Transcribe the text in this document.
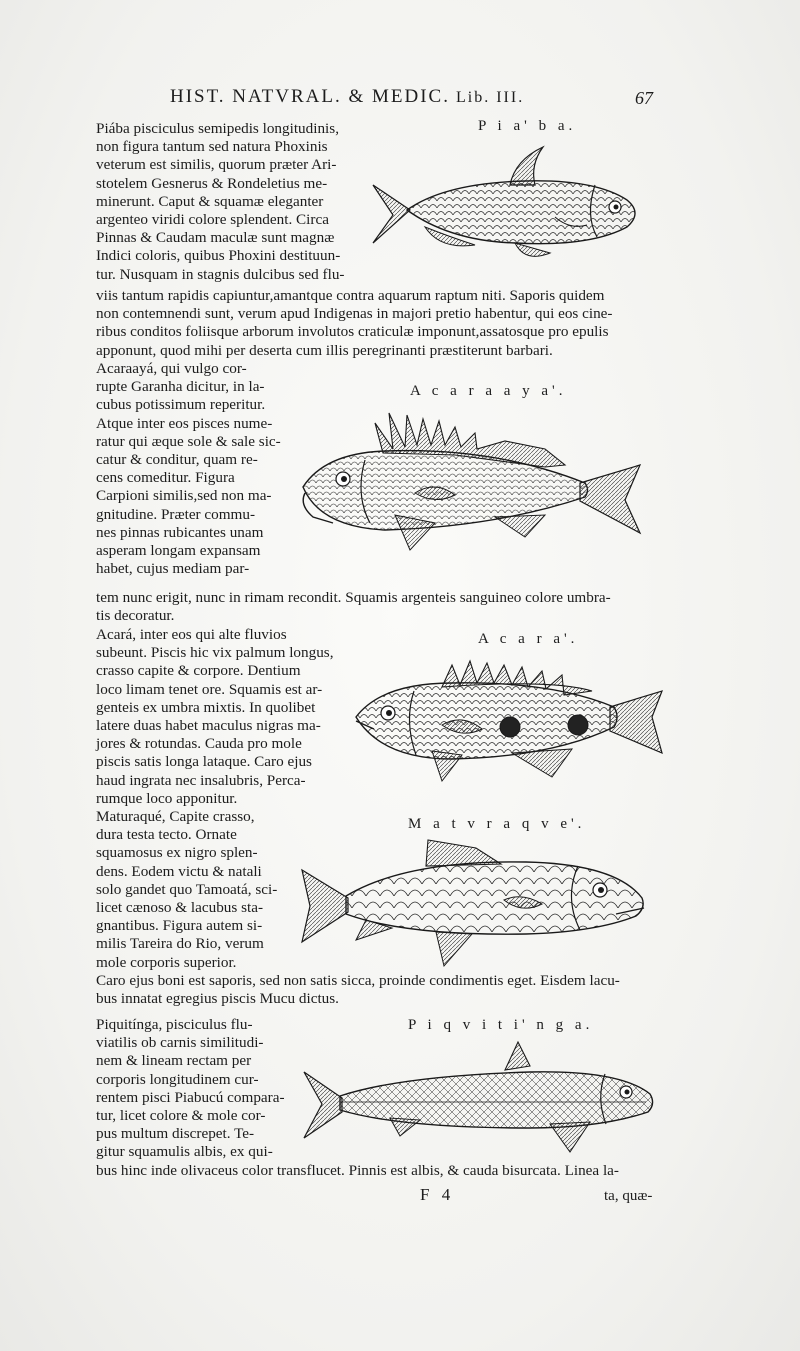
HIST. NATVRAL. & MEDIC. Lib. III.	67
P i a' b a.
Piába pisciculus semipedis longitudinis,
non figura tantum sed natura Phoxinis
veterum est similis, quorum præter Ari-
stotelem Gesnerus & Rondeletius me-
minerunt. Caput & squamæ eleganter
argenteo viridi colore splendent. Circa
Pinnas & Caudam maculæ sunt magnæ
Indici coloris, quibus Phoxini destituun-
tur. Nusquam in stagnis dulcibus sed flu-
viis tantum rapidis capiuntur,amantque contra aquarum raptum niti. Saporis quidem
non contemnendi sunt, verum apud Indigenas in majori pretio habentur, qui eos cine-
ribus conditos foliisque arborum involutos craticulæ imponunt,assatosque pro epulis
apponunt, quod mihi per deserta cum illis peregrinanti præstiterunt barbari.
A c a r a a y a'.
Acaraayá, qui vulgo cor-
rupte Garanha dicitur, in la-
cubus potissimum reperitur.
Atque inter eos pisces nume-
ratur qui æque sole & sale sic-
catur & conditur, quam re-
cens comeditur. Figura
Carpioni similis,sed non ma-
gnitudine. Præter commu-
nes pinnas rubicantes unam
asperam longam expansam
habet, cujus mediam par-
tem nunc erigit, nunc in rimam recondit. Squamis argenteis sanguineo colore umbra-
tis decoratur.
A c a r a'.
Acará, inter eos qui alte fluvios
subeunt. Piscis hic vix palmum longus,
crasso capite & corpore. Dentium
loco limam tenet ore. Squamis est ar-
genteis ex umbra mixtis. In quolibet
latere duas habet maculus nigras ma-
jores & rotundas. Cauda pro mole
piscis satis longa lataque. Caro ejus
haud ingrata nec insalubris, Perca-
rumque loco apponitur.
M a t v r a q v e'.
Maturaqué, Capite crasso,
dura testa tecto. Ornate
squamosus ex nigro splen-
dens. Eodem victu & natali
solo gandet quo Tamoatá, sci-
licet cænoso & lacubus sta-
gnantibus. Figura autem si-
milis Tareira do Rio, verum
mole corporis superior.
Caro ejus boni est saporis, sed non satis sicca, proinde condimentis eget. Eisdem lacu-
bus innatat egregius piscis Mucu dictus.
P i q v i t i' n g a.
Piquitínga, pisciculus flu-
viatilis ob carnis similitudi-
nem & lineam rectam per
corporis longitudinem cur-
rentem pisci Piabucú compara-
tur, licet colore & mole cor-
pus multum discrepet. Te-
gitur squamulis albis, ex qui-
bus hinc inde olivaceus color transflucet. Pinnis est albis, & cauda bisurcata. Linea la-
F 4	ta, quæ-
